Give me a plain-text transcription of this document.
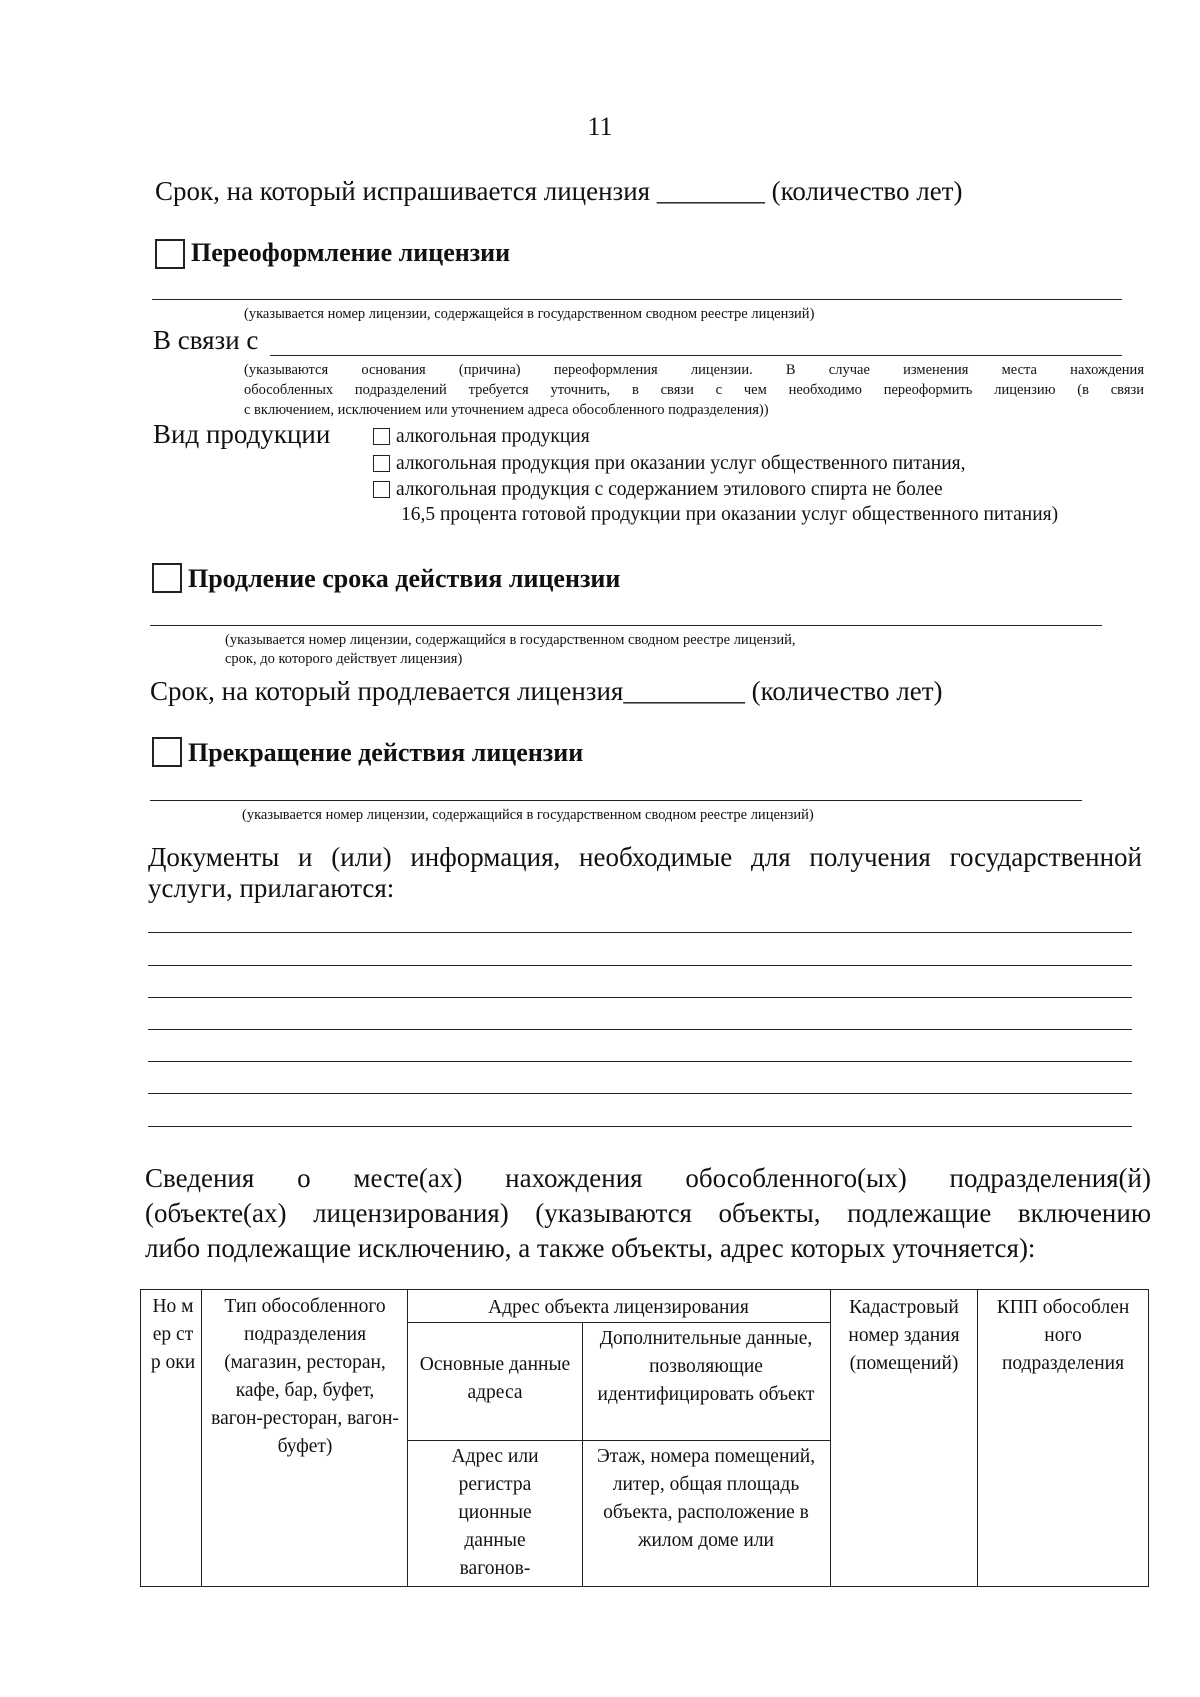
11
Срок, на который испрашивается лицензия ________ (количество лет)
Переоформление лицензии
(указывается номер лицензии, содержащейся в государственном сводном реестре лицензий)
В связи с
(указываются основания (причина) переоформления лицензии. В случае изменения места нахождения
обособленных подразделений требуется уточнить, в связи с чем необходимо переоформить лицензию (в связи
с включением, исключением или уточнением адреса обособленного подразделения))
Вид продукции	алкогольная продукция
алкогольная продукция при оказании услуг общественного питания,
алкогольная продукция с содержанием этилового спирта не более
16,5 процента готовой продукции при оказании услуг общественного питания)
Продление срока действия лицензии
(указывается номер лицензии, содержащийся в государственном сводном реестре лицензий,
срок, до которого действует лицензия)
Срок, на который продлевается лицензия_________ (количество лет)
Прекращение действия лицензии
(указывается номер лицензии, содержащийся в государственном сводном реестре лицензий)
Документы и (или) информация, необходимые для получения государственной
услуги, прилагаются:
Сведения о месте(ах) нахождения обособленного(ых) подразделения(й)
(объекте(ах) лицензирования) (указываются объекты, подлежащие включению
либо подлежащие исключению, а также объекты, адрес которых уточняется):
Но мер стр оки
Тип обособленного подразделения (магазин, ресторан, кафе, бар, буфет, вагон-ресторан, вагон-буфет)
Адрес объекта лицензирования
Основные данные адреса
Дополнительные данные, позволяющие идентифицировать объект
Адрес или регистра ционные данные вагонов-
Этаж, номера помещений, литер, общая площадь объекта, расположение в жилом доме или
Кадастровый номер здания (помещений)
КПП обособлен ного подразделения
